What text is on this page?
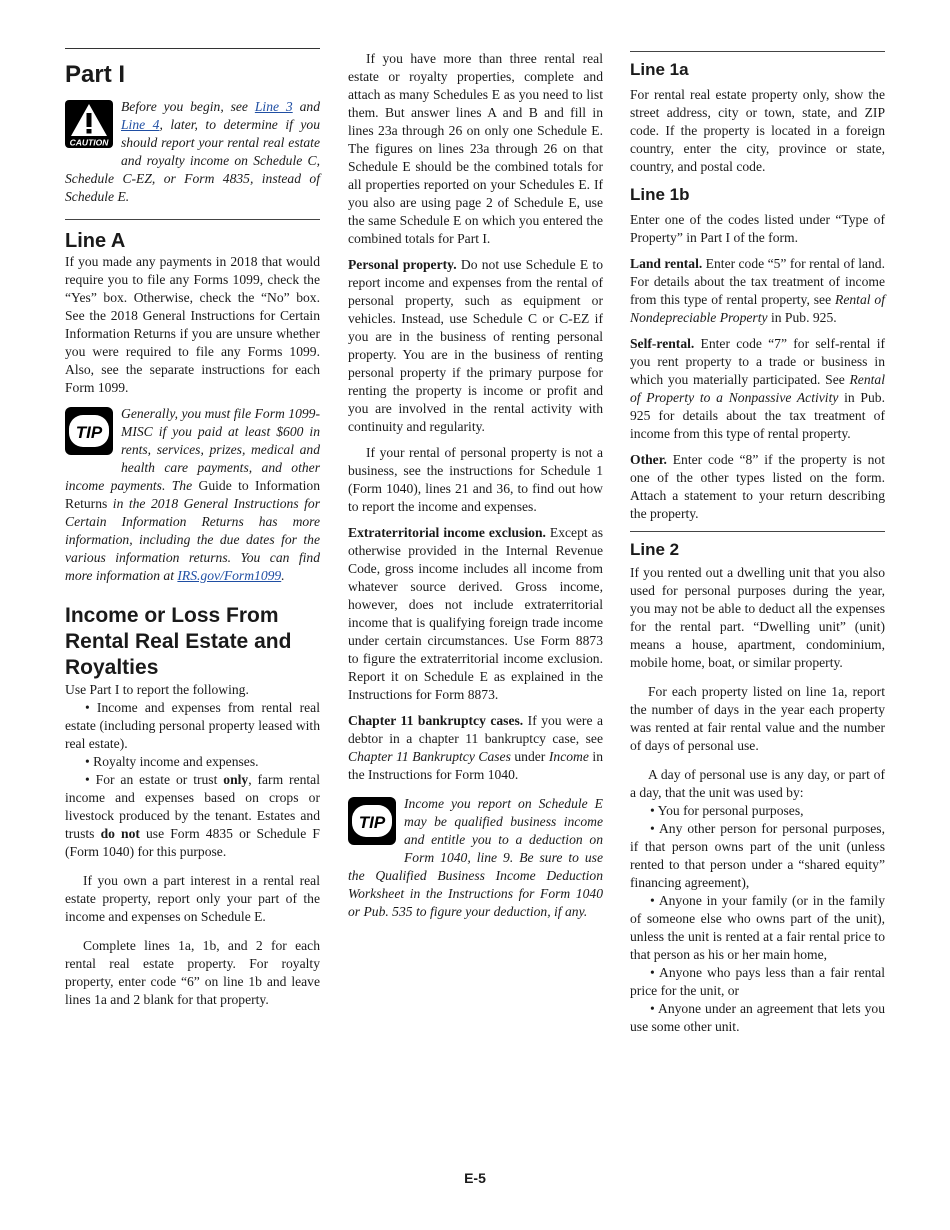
Part I
CAUTION
Before you begin, see Line 3 and Line 4, later, to determine if you should report your rental real estate and royalty income on Schedule C, Schedule C-EZ, or Form 4835, instead of Schedule E.
Line A

If you made any payments in 2018 that would require you to file any Forms 1099, check the “Yes” box. Otherwise, check the “No” box. See the 2018 General Instructions for Certain Information Returns if you are unsure whether you were required to file any Forms 1099. Also, see the separate instructions for each Form 1099.

TIP
Generally, you must file Form 1099-MISC if you paid at least $600 in rents, services, prizes, medical and health care payments, and other income payments. The Guide to Information Returns in the 2018 General Instructions for Certain Information Returns has more information, including the due dates for the various information returns. You can find more information at IRS.gov/Form1099.
Income or Loss From Rental Real Estate and Royalties

Use Part I to report the following.

• Income and expenses from rental real estate (including personal property leased with real estate).

• Royalty income and expenses.

• For an estate or trust only, farm rental income and expenses based on crops or livestock produced by the tenant. Estates and trusts do not use Form 4835 or Schedule F (Form 1040) for this purpose.

If you own a part interest in a rental real estate property, report only your part of the income and expenses on Schedule E.

Complete lines 1a, 1b, and 2 for each rental real estate property. For royalty property, enter code “6” on line 1b and leave lines 1a and 2 blank for that property.

If you have more than three rental real estate or royalty properties, complete and attach as many Schedules E as you need to list them. But answer lines A and B and fill in lines 23a through 26 on only one Schedule E. The figures on lines 23a through 26 on that Schedule E should be the combined totals for all properties reported on your Schedules E. If you also are using page 2 of Schedule E, use the same Schedule E on which you entered the combined totals for Part I.

Personal property. Do not use Schedule E to report income and expenses from the rental of personal property, such as equipment or vehicles. Instead, use Schedule C or C-EZ if you are in the business of renting personal property. You are in the business of renting personal property if the primary purpose for renting the property is income or profit and you are involved in the rental activity with continuity and regularity.

If your rental of personal property is not a business, see the instructions for Schedule 1 (Form 1040), lines 21 and 36, to find out how to report the income and expenses.

Extraterritorial income exclusion. Except as otherwise provided in the Internal Revenue Code, gross income includes all income from whatever source derived. Gross income, however, does not include extraterritorial income that is qualifying foreign trade income under certain circumstances. Use Form 8873 to figure the extraterritorial income exclusion. Report it on Schedule E as explained in the Instructions for Form 8873.

Chapter 11 bankruptcy cases. If you were a debtor in a chapter 11 bankruptcy case, see Chapter 11 Bankruptcy Cases under Income in the Instructions for Form 1040.

TIP
Income you report on Schedule E may be qualified business income and entitle you to a deduction on Form 1040, line 9. Be sure to use the Qualified Business Income Deduction Worksheet in the Instructions for Form 1040 or Pub. 535 to figure your deduction, if any.
Line 1a

For rental real estate property only, show the street address, city or town, state, and ZIP code. If the property is located in a foreign country, enter the city, province or state, country, and postal code.

Line 1b

Enter one of the codes listed under “Type of Property” in Part I of the form.

Land rental. Enter code “5” for rental of land. For details about the tax treatment of income from this type of rental property, see Rental of Nondepreciable Property in Pub. 925.

Self-rental. Enter code “7” for self-rental if you rent property to a trade or business in which you materially participated. See Rental of Property to a Nonpassive Activity in Pub. 925 for details about the tax treatment of income from this type of rental property.

Other. Enter code “8” if the property is not one of the other types listed on the form. Attach a statement to your return describing the property.

Line 2

If you rented out a dwelling unit that you also used for personal purposes during the year, you may not be able to deduct all the expenses for the rental part. “Dwelling unit” (unit) means a house, apartment, condominium, mobile home, boat, or similar property.

For each property listed on line 1a, report the number of days in the year each property was rented at fair rental value and the number of days of personal use.

A day of personal use is any day, or part of a day, that the unit was used by:

• You for personal purposes,

• Any other person for personal purposes, if that person owns part of the unit (unless rented to that person under a “shared equity” financing agreement),

• Anyone in your family (or in the family of someone else who owns part of the unit), unless the unit is rented at a fair rental price to that person as his or her main home,

• Anyone who pays less than a fair rental price for the unit, or

• Anyone under an agreement that lets you use some other unit.

E-5
